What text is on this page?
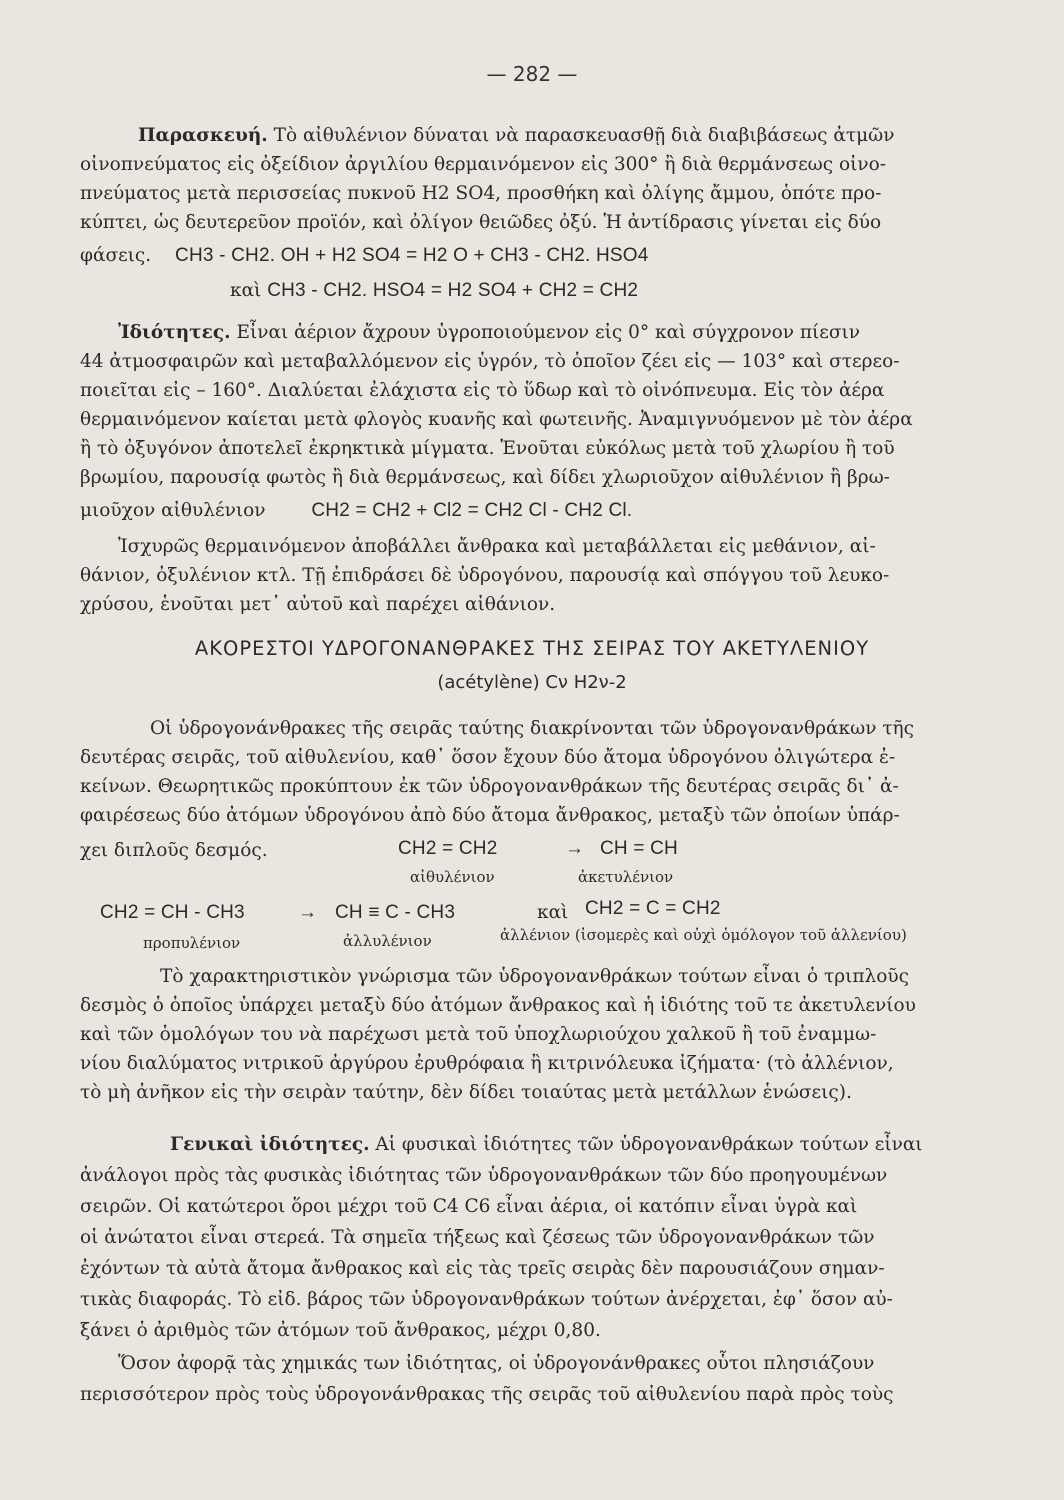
— 282 —
Παρασκευή. Τὸ αἰθυλένιον δύναται νὰ παρασκευασθῇ διὰ διαβιβάσεως ἀτμῶν
οἰνοπνεύματος εἰς ὀξείδιον ἀργιλίου θερμαινόμενον εἰς 300° ἢ διὰ θερμάνσεως οἰνο-
πνεύματος μετὰ περισσείας πυκνοῦ H2 SO4, προσθήκη καὶ ὀλίγης ἄμμου, ὁπότε προ-
κύπτει, ὡς δευτερεῦον προϊόν, καὶ ὀλίγον θειῶδες ὀξύ. Ἡ ἀντίδρασις γίνεται εἰς δύο
φάσεις. CH3 - CH2. OH + H2 SO4 = H2 O + CH3 - CH2. HSO4
καὶ CH3 - CH2. HSO4 = H2 SO4 + CH2 = CH2
Ἰδιότητες. Εἶναι ἀέριον ἄχρουν ὑγροποιούμενον εἰς 0° καὶ σύγχρονον πίεσιν
44 ἀτμοσφαιρῶν καὶ μεταβαλλόμενον εἰς ὑγρόν, τὸ ὁποῖον ζέει εἰς — 103° καὶ στερεο-
ποιεῖται εἰς – 160°. Διαλύεται ἐλάχιστα εἰς τὸ ὕδωρ καὶ τὸ οἰνόπνευμα. Εἰς τὸν ἀέρα
θερμαινόμενον καίεται μετὰ φλογὸς κυανῆς καὶ φωτεινῆς. Ἀναμιγνυόμενον μὲ τὸν ἀέρα
ἢ τὸ ὀξυγόνον ἀποτελεῖ ἐκρηκτικὰ μίγματα. Ἑνοῦται εὐκόλως μετὰ τοῦ χλωρίου ἢ τοῦ
βρωμίου, παρουσίᾳ φωτὸς ἢ διὰ θερμάνσεως, καὶ δίδει χλωριοῦχον αἰθυλένιον ἢ βρω-
μιοῦχον αἰθυλένιον CH2 = CH2 + Cl2 = CH2 Cl - CH2 Cl.
Ἰσχυρῶς θερμαινόμενον ἀποβάλλει ἄνθρακα καὶ μεταβάλλεται εἰς μεθάνιον, αἰ-
θάνιον, ὀξυλένιον κτλ. Τῇ ἐπιδράσει δὲ ὑδρογόνου, παρουσίᾳ καὶ σπόγγου τοῦ λευκο-
χρύσου, ἑνοῦται μετ᾽ αὐτοῦ καὶ παρέχει αἰθάνιον.
ΑΚΟΡΕΣΤΟΙ ΥΔΡΟΓΟΝΑΝΘΡΑΚΕΣ ΤΗΣ ΣΕΙΡΑΣ ΤΟΥ ΑΚΕΤΥΛΕΝΙΟΥ
(acétylène) Cν H2ν-2
Οἱ ὑδρογονάνθρακες τῆς σειρᾶς ταύτης διακρίνονται τῶν ὑδρογονανθράκων τῆς
δευτέρας σειρᾶς, τοῦ αἰθυλενίου, καθ᾽ ὅσον ἔχουν δύο ἄτομα ὑδρογόνου ὀλιγώτερα ἐ-
κείνων. Θεωρητικῶς προκύπτουν ἐκ τῶν ὑδρογονανθράκων τῆς δευτέρας σειρᾶς δι᾽ ἀ-
φαιρέσεως δύο ἀτόμων ὑδρογόνου ἀπὸ δύο ἄτομα ἄνθρακος, μεταξὺ τῶν ὁποίων ὑπάρ-
χει διπλοῦς δεσμός.	CH2 = CH2	→ CH = CH
αἰθυλένιον	ἀκετυλένιον
CH2 = CH - CH3	→ CH ≡ C - CH3	καὶ CH2 = C = CH2
προπυλένιον	ἀλλυλένιον	ἀλλένιον (ἰσομερὲς καὶ οὐχὶ ὁμόλογον τοῦ ἀλλενίου)
Τὸ χαρακτηριστικὸν γνώρισμα τῶν ὑδρογονανθράκων τούτων εἶναι ὁ τριπλοῦς
δεσμὸς ὁ ὁποῖος ὑπάρχει μεταξὺ δύο ἀτόμων ἄνθρακος καὶ ἡ ἰδιότης τοῦ τε ἀκετυλενίου
καὶ τῶν ὁμολόγων του νὰ παρέχωσι μετὰ τοῦ ὑποχλωριούχου χαλκοῦ ἢ τοῦ ἐναμμω-
νίου διαλύματος νιτρικοῦ ἀργύρου ἐρυθρόφαια ἢ κιτρινόλευκα ἰζήματα· (τὸ ἀλλένιον,
τὸ μὴ ἀνῆκον εἰς τὴν σειρὰν ταύτην, δὲν δίδει τοιαύτας μετὰ μετάλλων ἑνώσεις).
Γενικαὶ ἰδιότητες. Αἱ φυσικαὶ ἰδιότητες τῶν ὑδρογονανθράκων τούτων εἶναι
ἀνάλογοι πρὸς τὰς φυσικὰς ἰδιότητας τῶν ὑδρογονανθράκων τῶν δύο προηγουμένων
σειρῶν. Οἱ κατώτεροι ὅροι μέχρι τοῦ C4 C6 εἶναι ἀέρια, οἱ κατόπιν εἶναι ὑγρὰ καὶ
οἱ ἀνώτατοι εἶναι στερεά. Τὰ σημεῖα τήξεως καὶ ζέσεως τῶν ὑδρογονανθράκων τῶν
ἐχόντων τὰ αὐτὰ ἄτομα ἄνθρακος καὶ εἰς τὰς τρεῖς σειρὰς δὲν παρουσιάζουν σημαν-
τικὰς διαφοράς. Τὸ εἰδ. βάρος τῶν ὑδρογονανθράκων τούτων ἀνέρχεται, ἐφ᾽ ὅσον αὐ-
ξάνει ὁ ἀριθμὸς τῶν ἀτόμων τοῦ ἄνθρακος, μέχρι 0,80.
Ὅσον ἀφορᾷ τὰς χημικάς των ἰδιότητας, οἱ ὑδρογονάνθρακες οὗτοι πλησιάζουν
περισσότερον πρὸς τοὺς ὑδρογονάνθρακας τῆς σειρᾶς τοῦ αἰθυλενίου παρὰ πρὸς τοὺς
